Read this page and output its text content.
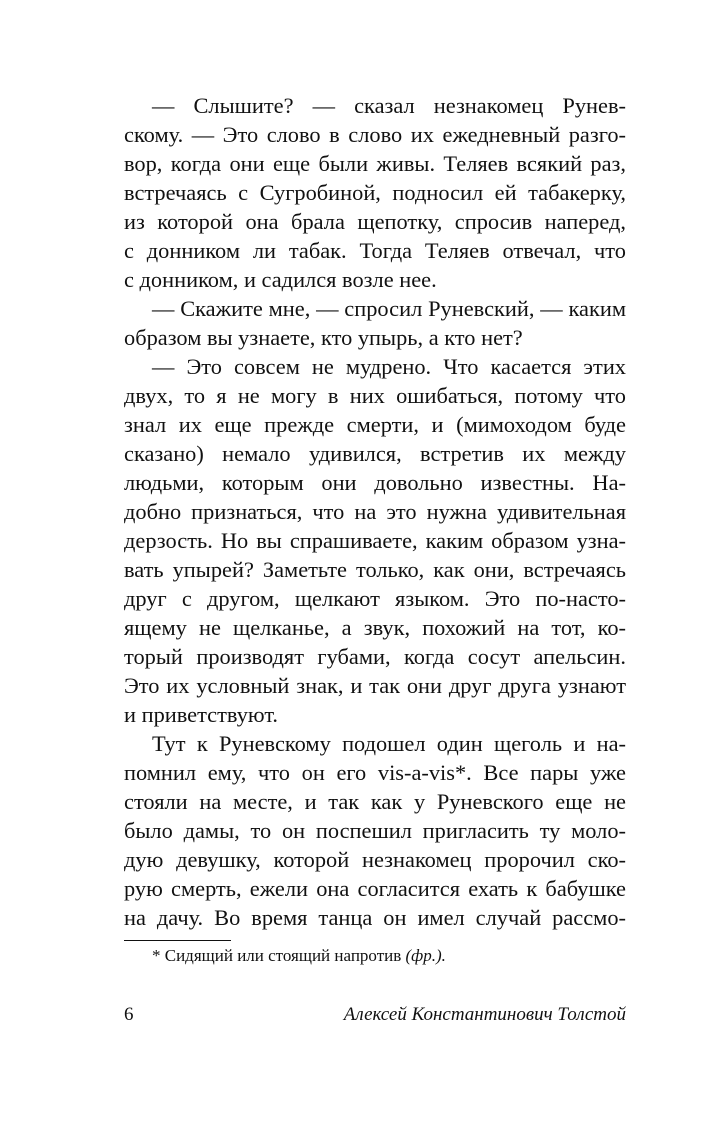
— Слышите? — сказал незнакомец Рунев-
скому. — Это слово в слово их ежедневный разго-
вор, когда они еще были живы. Теляев всякий раз,
встречаясь с Сугробиной, подносил ей табакерку,
из которой она брала щепотку, спросив наперед,
с донником ли табак. Тогда Теляев отвечал, что
с донником, и садился возле нее.
— Скажите мне, — спросил Руневский, — каким
образом вы узнаете, кто упырь, а кто нет?
— Это совсем не мудрено. Что касается этих
двух, то я не могу в них ошибаться, потому что
знал их еще прежде смерти, и (мимоходом буде
сказано) немало удивился, встретив их между
людьми, которым они довольно известны. На-
добно признаться, что на это нужна удивительная
дерзость. Но вы спрашиваете, каким образом узна-
вать упырей? Заметьте только, как они, встречаясь
друг с другом, щелкают языком. Это по-насто-
ящему не щелканье, а звук, похожий на тот, ко-
торый производят губами, когда сосут апельсин.
Это их условный знак, и так они друг друга узнают
и приветствуют.
Тут к Руневскому подошел один щеголь и на-
помнил ему, что он его vis-a-vis*. Все пары уже
стояли на месте, и так как у Руневского еще не
было дамы, то он поспешил пригласить ту моло-
дую девушку, которой незнакомец пророчил ско-
рую смерть, ежели она согласится ехать к бабушке
на дачу. Во время танца он имел случай рассмо-
* Сидящий или стоящий напротив (фр.).
6	Алексей Константинович Толстой
